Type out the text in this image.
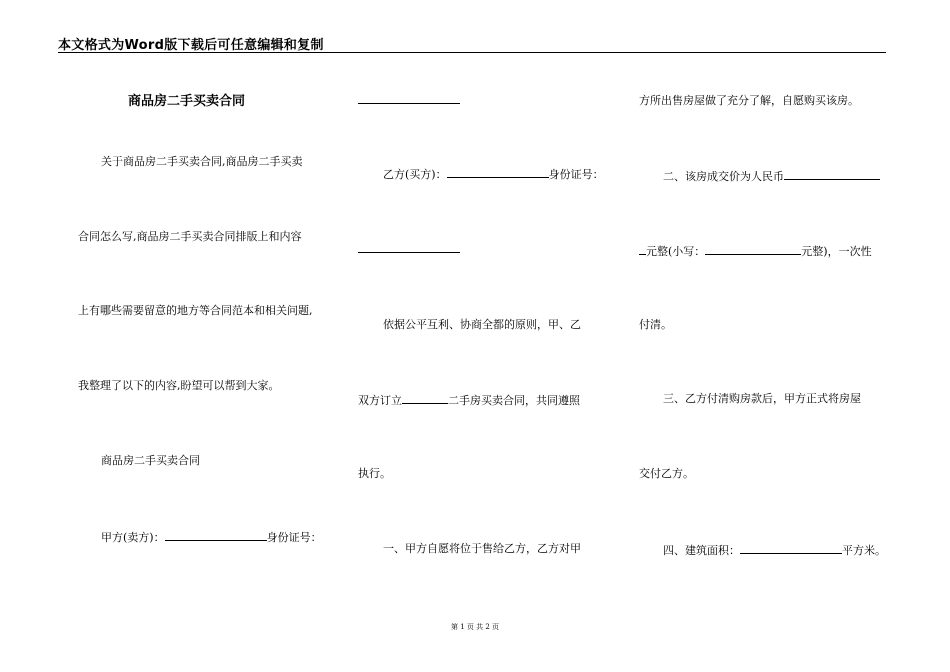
本文格式为Word版下载后可任意编辑和复制
商品房二手买卖合同
关于商品房二手买卖合同,商品房二手买卖
合同怎么写,商品房二手买卖合同排版上和内容
上有哪些需要留意的地方等合同范本和相关问题,
我整理了以下的内容,盼望可以帮到大家。
商品房二手买卖合同
甲方(卖方)：	身份证号：
乙方(买方)：	身份证号：
依据公平互利、协商全都的原则，甲、乙
双方订立	二手房买卖合同，共同遵照
执行。
一、甲方自愿将位于售给乙方，乙方对甲
方所出售房屋做了充分了解，自愿购买该房。
二、该房成交价为人民币
元整(小写：	元整)，一次性
付清。
三、乙方付清购房款后，甲方正式将房屋
交付乙方。
四、建筑面积：	平方米。
第 1 页 共 2 页
